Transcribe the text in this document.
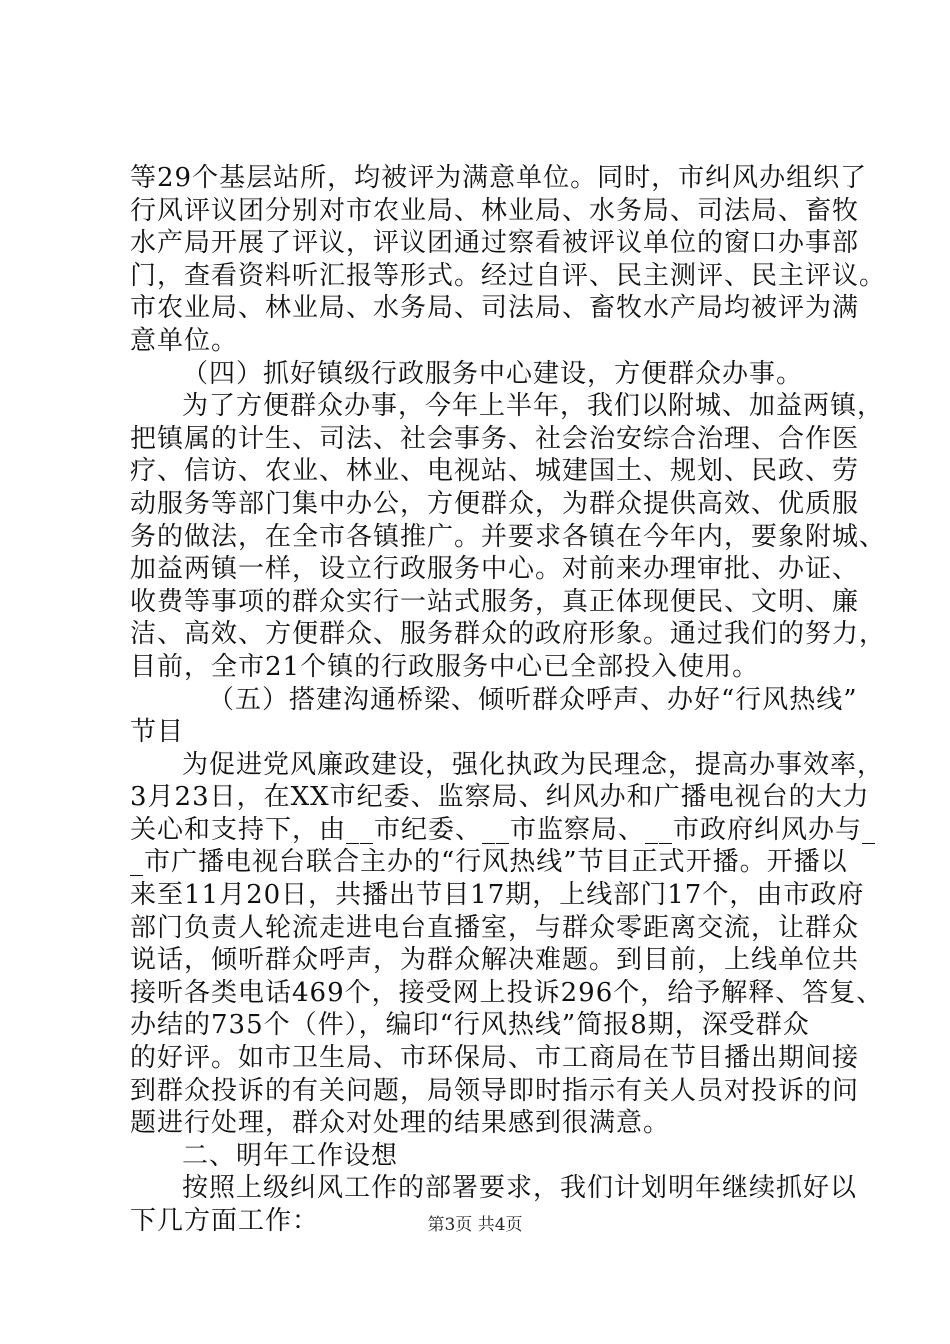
等29个基层站所，均被评为满意单位。同时，市纠风办组织了
行风评议团分别对市农业局、林业局、水务局、司法局、畜牧
水产局开展了评议，评议团通过察看被评议单位的窗口办事部
门，查看资料听汇报等形式。经过自评、民主测评、民主评议。
市农业局、林业局、水务局、司法局、畜牧水产局均被评为满
意单位。
（四）抓好镇级行政服务中心建设，方便群众办事。
为了方便群众办事，今年上半年，我们以附城、加益两镇，
把镇属的计生、司法、社会事务、社会治安综合治理、合作医
疗、信访、农业、林业、电视站、城建国土、规划、民政、劳
动服务等部门集中办公，方便群众，为群众提供高效、优质服
务的做法，在全市各镇推广。并要求各镇在今年内，要象附城、
加益两镇一样，设立行政服务中心。对前来办理审批、办证、
收费等事项的群众实行一站式服务，真正体现便民、文明、廉
洁、高效、方便群众、服务群众的政府形象。通过我们的努力，
目前，全市21个镇的行政服务中心已全部投入使用。
（五）搭建沟通桥梁、倾听群众呼声、办好“行风热线”
节目
为促进党风廉政建设，强化执政为民理念，提高办事效率，
3月23日，在XX市纪委、监察局、纠风办和广播电视台的大力
关心和支持下，由__市纪委、__市监察局、__市政府纠风办与_
_市广播电视台联合主办的“行风热线”节目正式开播。开播以
来至11月20日，共播出节目17期，上线部门17个，由市政府
部门负责人轮流走进电台直播室，与群众零距离交流，让群众
说话，倾听群众呼声，为群众解决难题。到目前，上线单位共
接听各类电话469个，接受网上投诉296个，给予解释、答复、
办结的735个（件），编印“行风热线”简报8期，深受群众
的好评。如市卫生局、市环保局、市工商局在节目播出期间接
到群众投诉的有关问题，局领导即时指示有关人员对投诉的问
题进行处理，群众对处理的结果感到很满意。
二、明年工作设想
按照上级纠风工作的部署要求，我们计划明年继续抓好以
下几方面工作：	第3页 共4页
